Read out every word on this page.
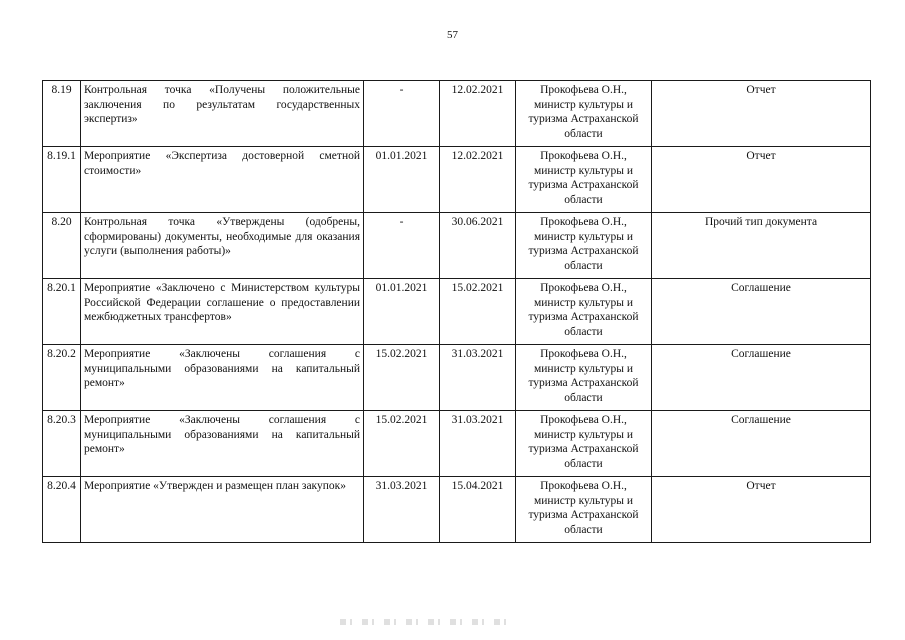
57
8.19	Контрольная точка «Получены положительные заключения по результатам государственных экспертиз»	-	12.02.2021	Прокофьева О.Н., министр культуры и туризма Астраханской области	Отчет
8.19.1	Мероприятие «Экспертиза достоверной сметной стоимости»	01.01.2021	12.02.2021	Прокофьева О.Н., министр культуры и туризма Астраханской области	Отчет
8.20	Контрольная точка «Утверждены (одобрены, сформированы) документы, необходимые для оказания услуги (выполнения работы)»	-	30.06.2021	Прокофьева О.Н., министр культуры и туризма Астраханской области	Прочий тип документа
8.20.1	Мероприятие «Заключено с Министерством культуры Российской Федерации соглашение о предоставлении межбюджетных трансфертов»	01.01.2021	15.02.2021	Прокофьева О.Н., министр культуры и туризма Астраханской области	Соглашение
8.20.2	Мероприятие «Заключены соглашения с муниципальными образованиями на капитальный ремонт»	15.02.2021	31.03.2021	Прокофьева О.Н., министр культуры и туризма Астраханской области	Соглашение
8.20.3	Мероприятие «Заключены соглашения с муниципальными образованиями на капитальный ремонт»	15.02.2021	31.03.2021	Прокофьева О.Н., министр культуры и туризма Астраханской области	Соглашение
8.20.4	Мероприятие «Утвержден и размещен план закупок»	31.03.2021	15.04.2021	Прокофьева О.Н., министр культуры и туризма Астраханской области	Отчет
